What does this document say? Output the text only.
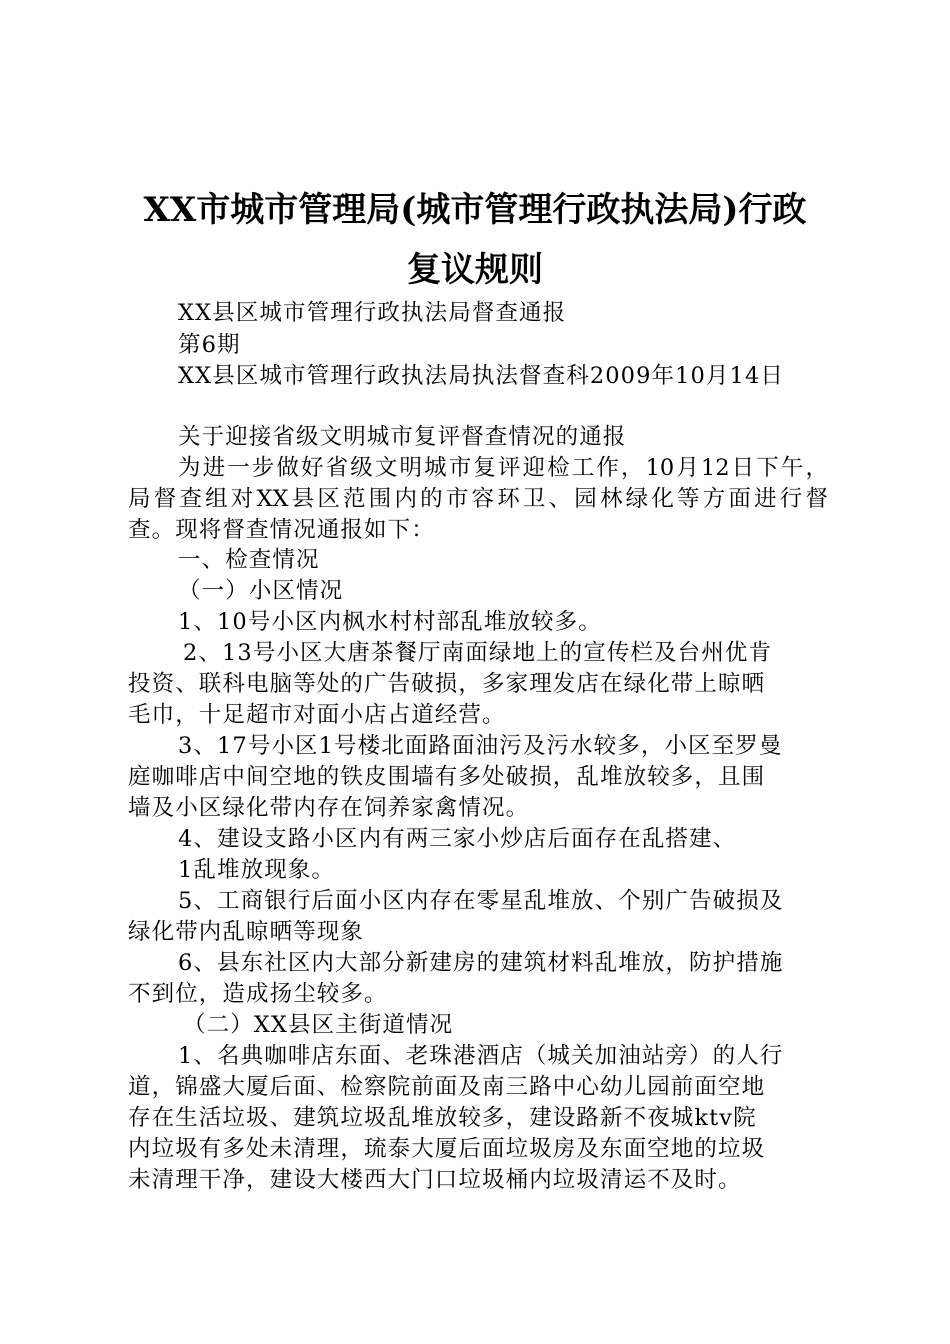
XX市城市管理局(城市管理行政执法局)行政
复议规则
XX县区城市管理行政执法局督查通报
第6期
XX县区城市管理行政执法局执法督查科2009年10月14日
关于迎接省级文明城市复评督查情况的通报
为进一步做好省级文明城市复评迎检工作，10月12日下午，
局督查组对XX县区范围内的市容环卫、园林绿化等方面进行督
查。现将督查情况通报如下：
一、检查情况
（一）小区情况
1、10号小区内枫水村村部乱堆放较多。
2、13号小区大唐茶餐厅南面绿地上的宣传栏及台州优肯
投资、联科电脑等处的广告破损，多家理发店在绿化带上晾晒
毛巾，十足超市对面小店占道经营。
3、17号小区1号楼北面路面油污及污水较多，小区至罗曼
庭咖啡店中间空地的铁皮围墙有多处破损，乱堆放较多，且围
墙及小区绿化带内存在饲养家禽情况。
4、建设支路小区内有两三家小炒店后面存在乱搭建、
1乱堆放现象。
5、工商银行后面小区内存在零星乱堆放、个别广告破损及
绿化带内乱晾晒等现象
6、县东社区内大部分新建房的建筑材料乱堆放，防护措施
不到位，造成扬尘较多。
（二）XX县区主街道情况
1、名典咖啡店东面、老珠港酒店（城关加油站旁）的人行
道，锦盛大厦后面、检察院前面及南三路中心幼儿园前面空地
存在生活垃圾、建筑垃圾乱堆放较多，建设路新不夜城ktv院
内垃圾有多处未清理，琉泰大厦后面垃圾房及东面空地的垃圾
未清理干净，建设大楼西大门口垃圾桶内垃圾清运不及时。
